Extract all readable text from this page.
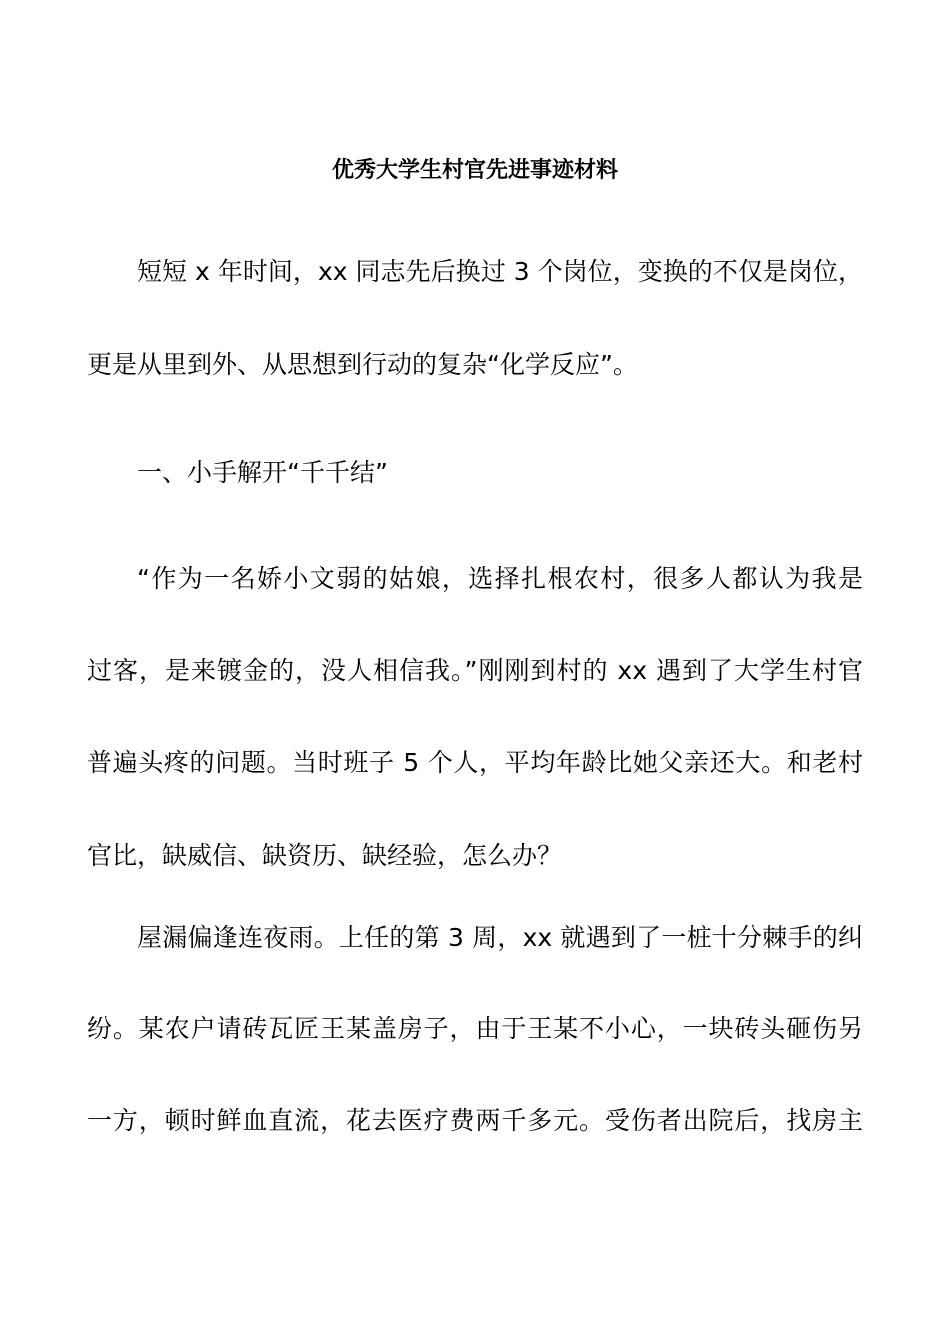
优秀大学生村官先进事迹材料
短短 x 年时间，xx 同志先后换过 3 个岗位，变换的不仅是岗位，
更是从里到外、从思想到行动的复杂“化学反应”。
一、小手解开“千千结”
“作为一名娇小文弱的姑娘，选择扎根农村，很多人都认为我是
过客，是来镀金的，没人相信我。”刚刚到村的 xx 遇到了大学生村官
普遍头疼的问题。当时班子 5 个人，平均年龄比她父亲还大。和老村
官比，缺威信、缺资历、缺经验，怎么办？
屋漏偏逢连夜雨。上任的第 3 周，xx 就遇到了一桩十分棘手的纠
纷。某农户请砖瓦匠王某盖房子，由于王某不小心，一块砖头砸伤另
一方，顿时鲜血直流，花去医疗费两千多元。受伤者出院后，找房主
